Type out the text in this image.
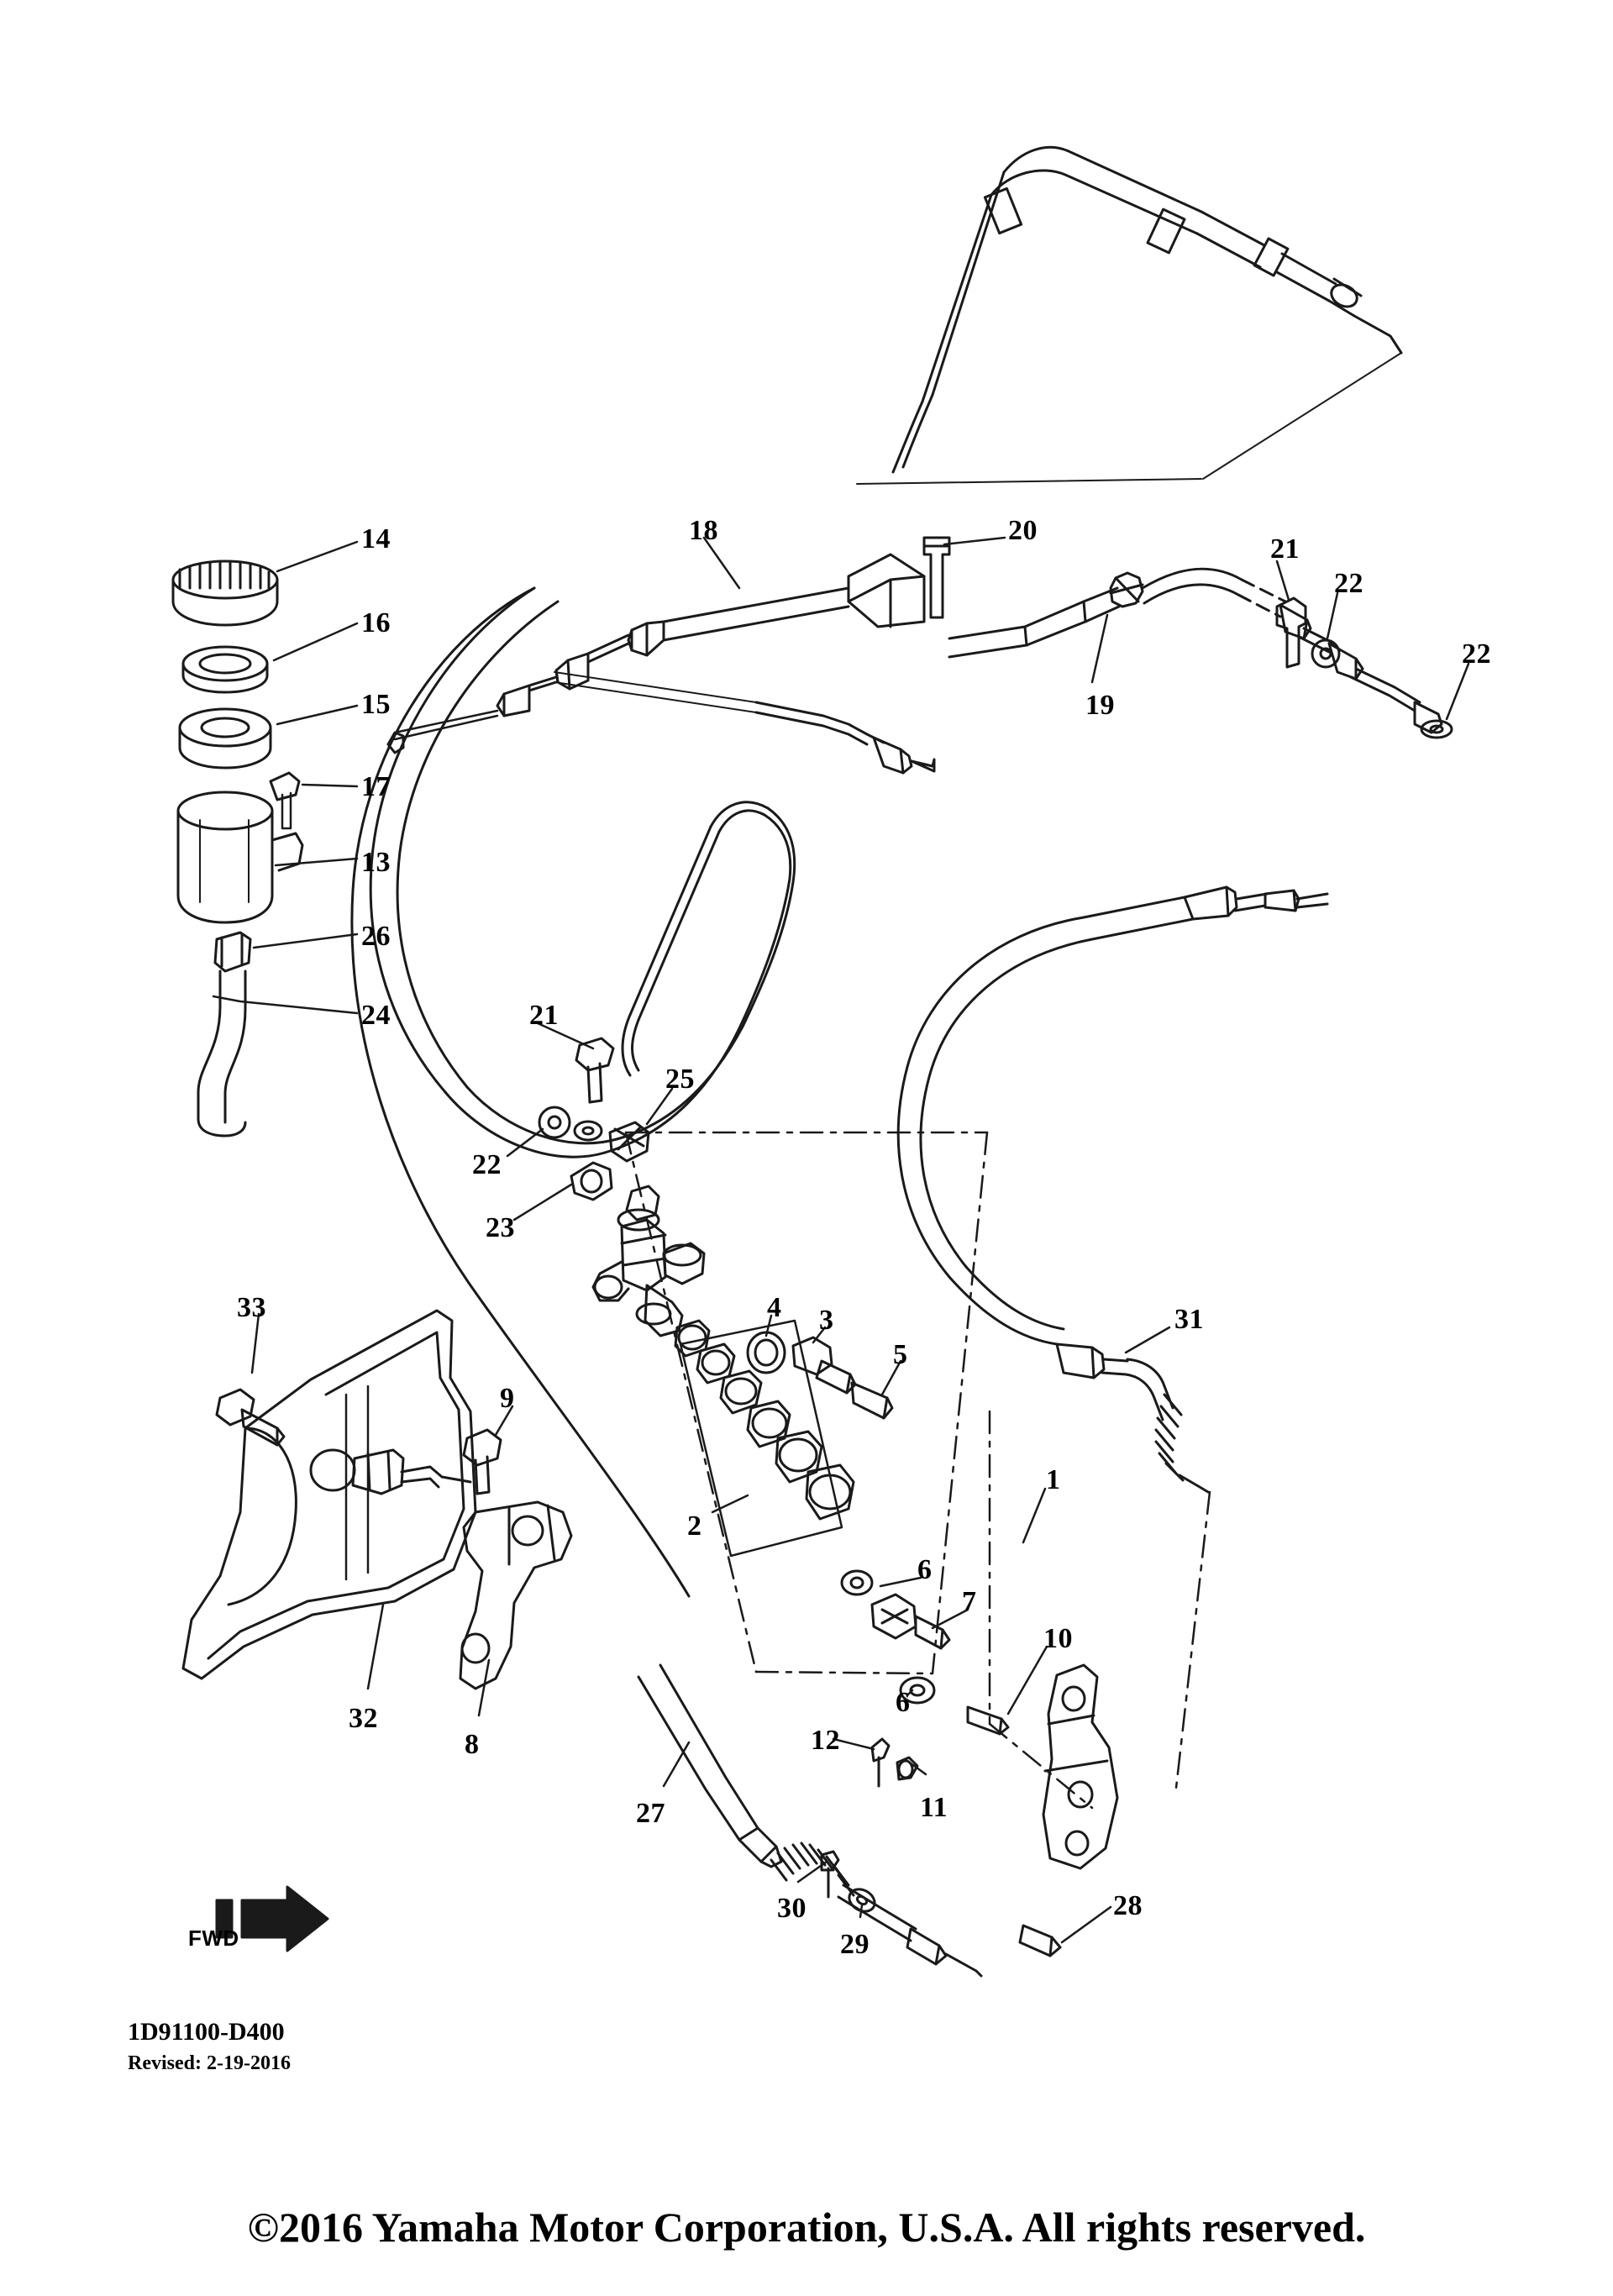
1D91100-D400
Revised: 2-19-2016
FWD
©2016 Yamaha Motor Corporation, U.S.A. All rights reserved.
14
16
15
17
13
26
24
18	20
19
21
22
22
21
22
23
25
4 3
5
2
31
1
33
9
32
8
6
7
6
10
12
11
27
30
29
28
